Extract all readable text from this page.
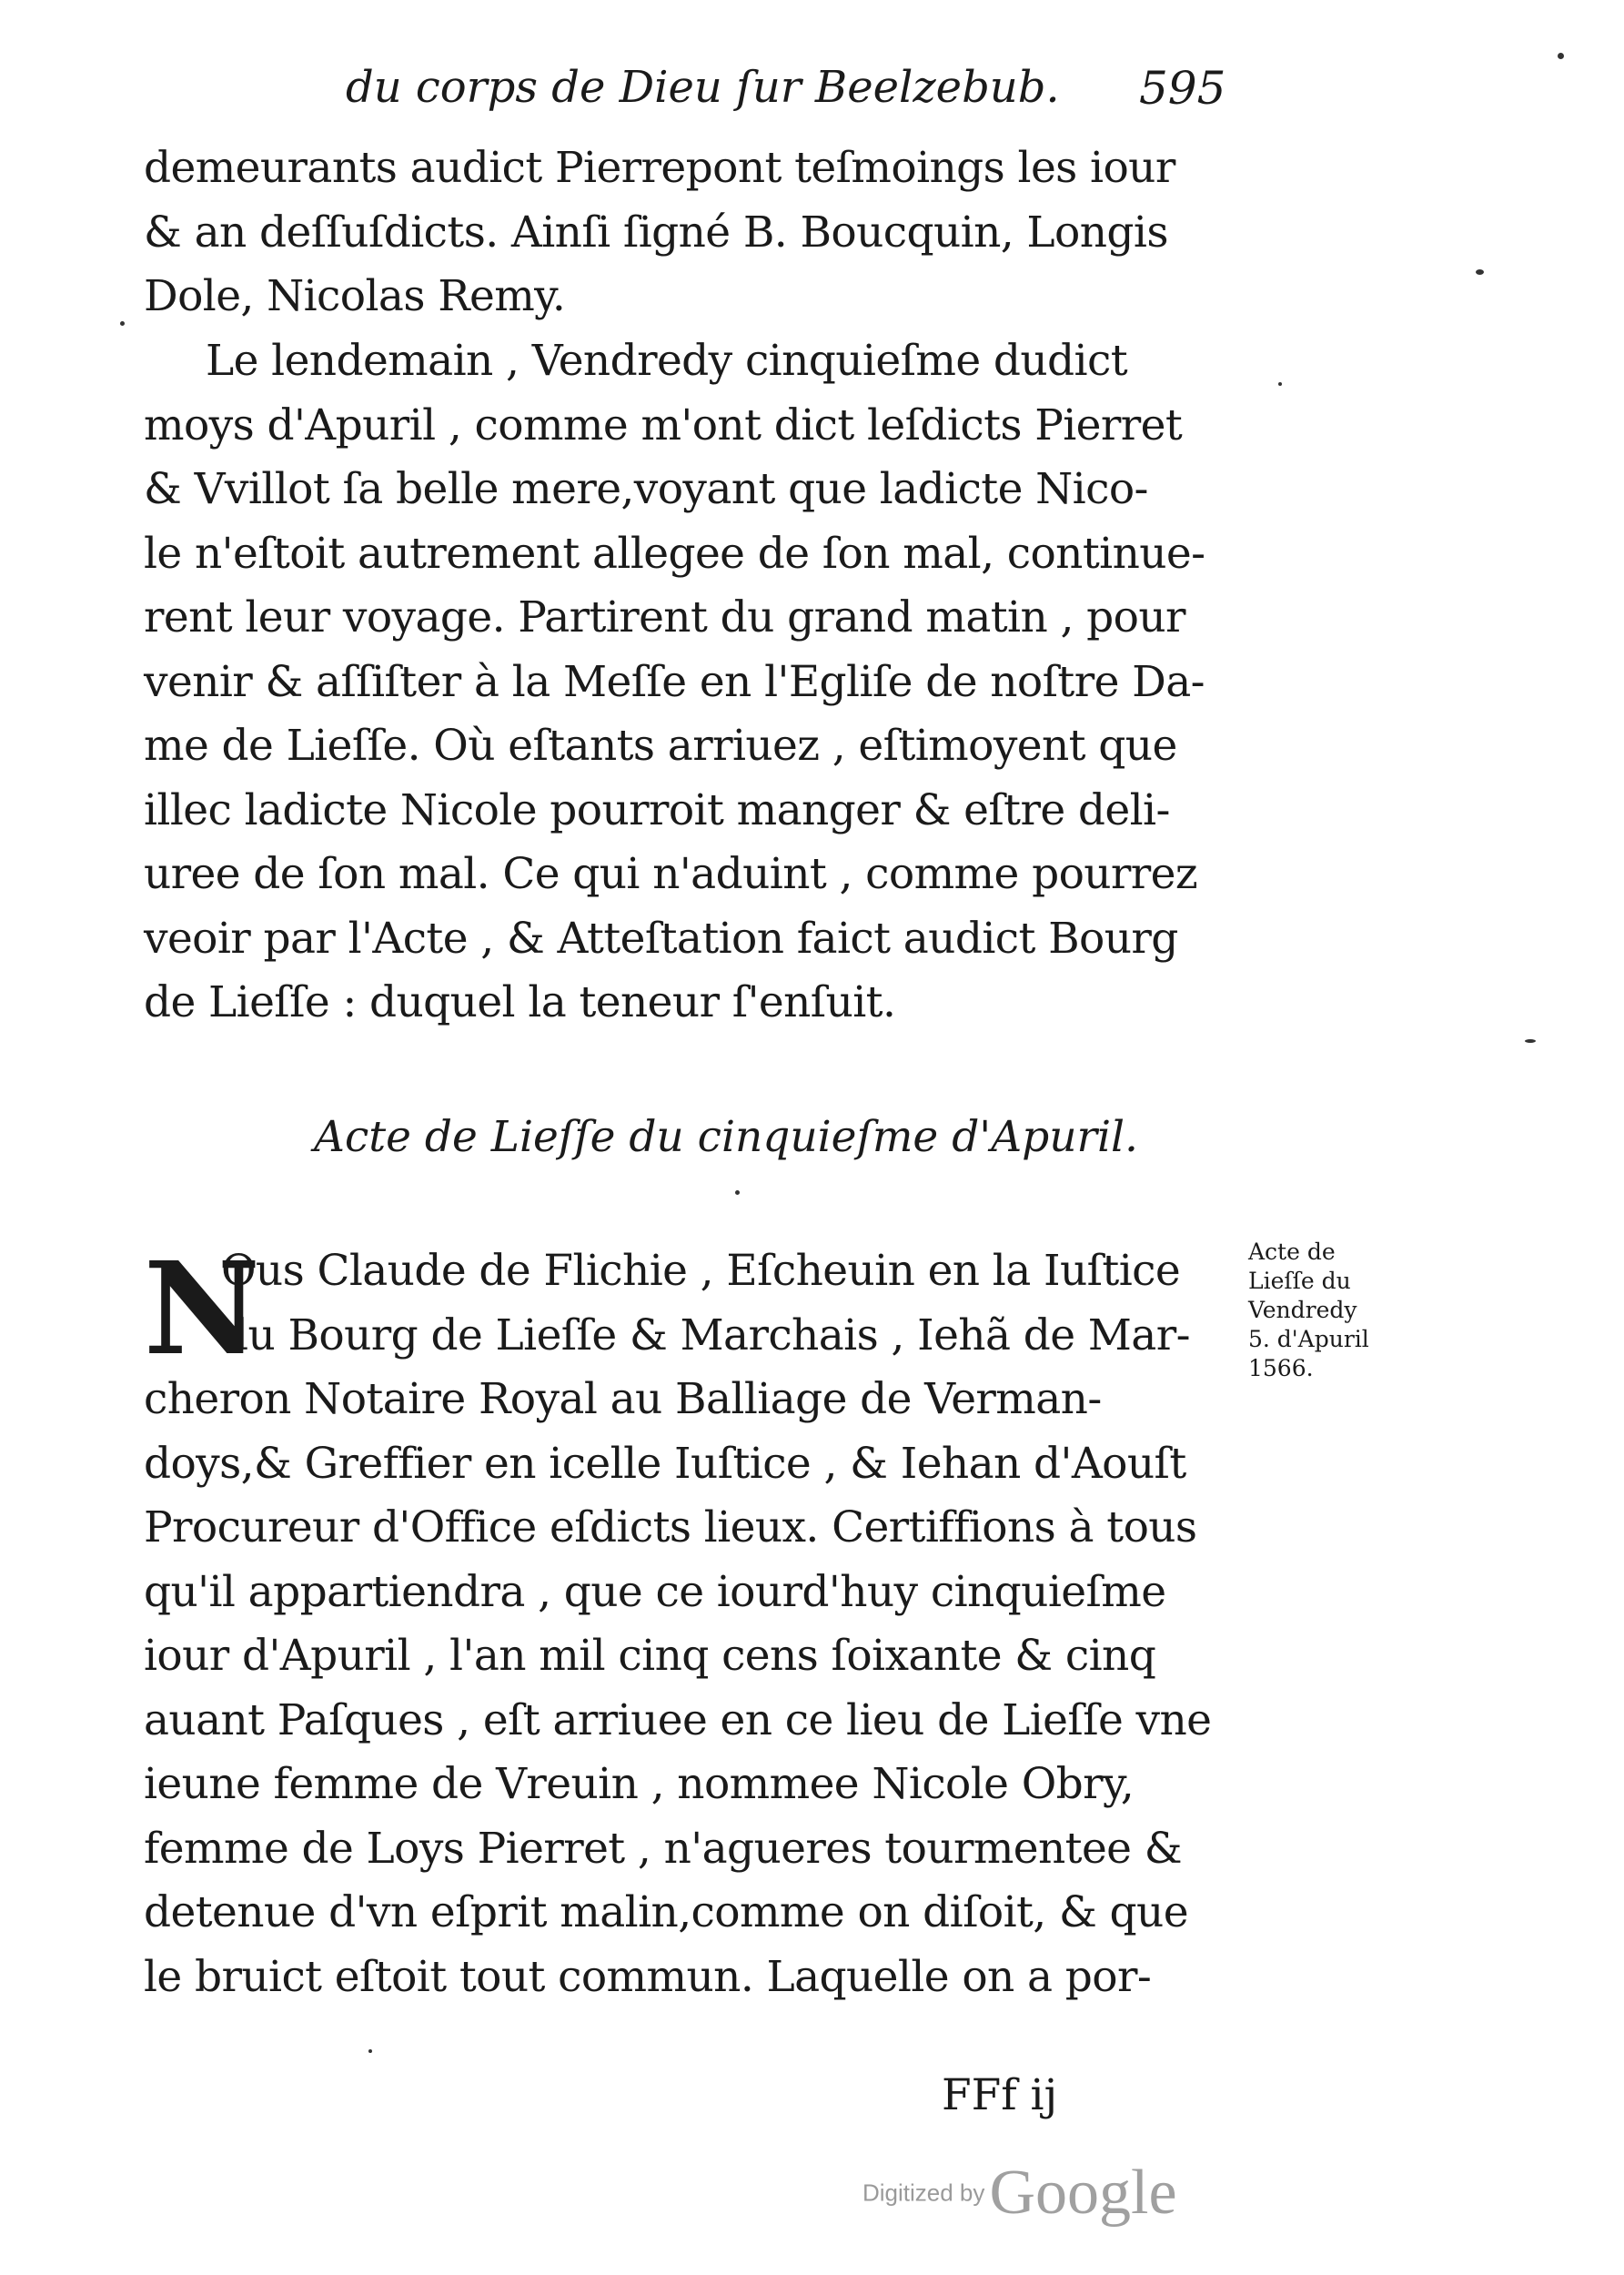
du corps de Dieu ſur Beelzebub. 595
demeurants audict Pierrepont teſmoings les iour
& an deſſuſdicts. Ainſi ſigné B. Boucquin, Longis
Dole, Nicolas Remy.
Le lendemain , Vendredy cinquieſme dudict
moys d'Apuril , comme m'ont dict leſdicts Pierret
& Vvillot ſa belle mere,voyant que ladicte Nico-
le n'eſtoit autrement allegee de ſon mal, continue-
rent leur voyage. Partirent du grand matin , pour
venir & aſſiſter à la Meſſe en l'Egliſe de noſtre Da-
me de Lieſſe. Où eſtants arriuez , eſtimoyent que
illec ladicte Nicole pourroit manger & eſtre deli-
uree de ſon mal. Ce qui n'aduint , comme pourrez
veoir par l'Acte , & Atteſtation faict audict Bourg
de Lieſſe : duquel la teneur ſ'enſuit.
Acte de Lieſſe du cinquieſme d'Apuril.
N
Ous Claude de Flichie , Eſcheuin en la Iuſtice
du Bourg de Lieſſe & Marchais , Iehã de Mar-
cheron Notaire Royal au Balliage de Verman-
doys,& Greffier en icelle Iuſtice , & Iehan d'Aouſt
Procureur d'Office eſdicts lieux. Certiffions à tous
qu'il appartiendra , que ce iourd'huy cinquieſme
iour d'Apuril , l'an mil cinq cens ſoixante & cinq
auant Paſques , eſt arriuee en ce lieu de Lieſſe vne
ieune femme de Vreuin , nommee Nicole Obry,
femme de Loys Pierret , n'agueres tourmentee &
detenue d'vn eſprit malin,comme on diſoit, & que
le bruict eſtoit tout commun. Laquelle on a por-
Acte de
Lieſſe du
Vendredy
5. d'Apuril
1566.
FFf ij
Digitized by Google
